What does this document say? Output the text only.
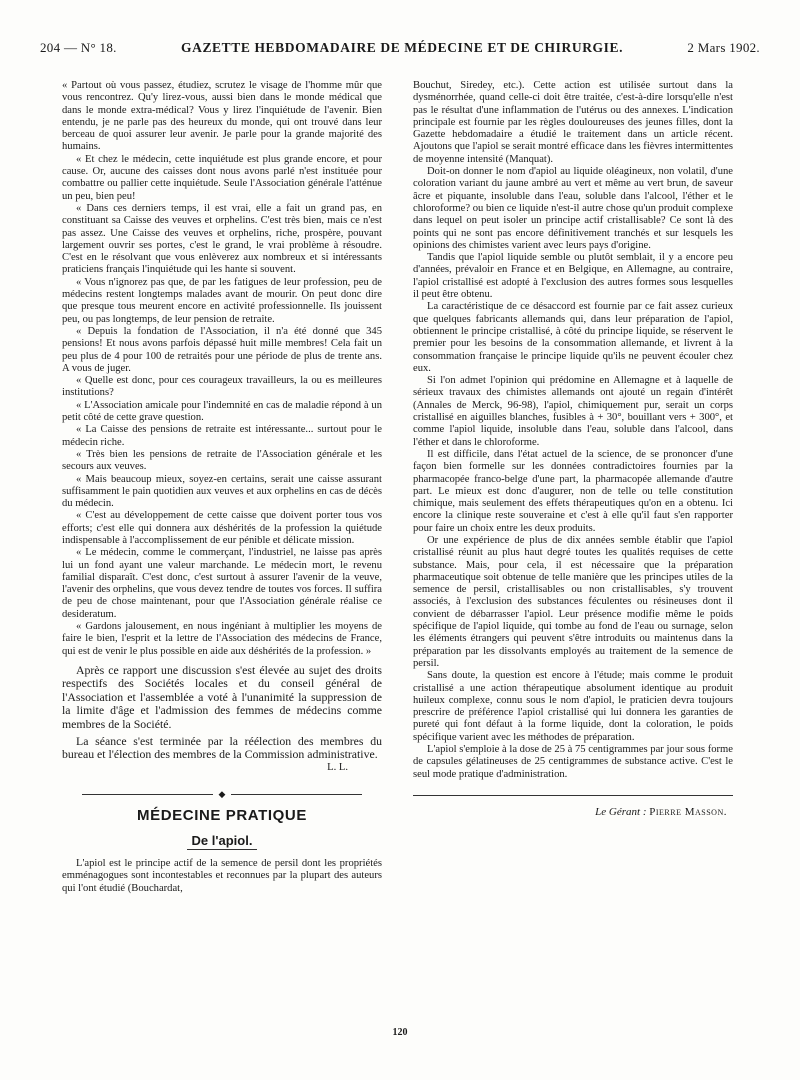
204 — N° 18.	GAZETTE HEBDOMADAIRE DE MÉDECINE ET DE CHIRURGIE.	2 Mars 1902.

« Partout où vous passez, étudiez, scrutez le visage de l'homme mûr que vous rencontrez. Qu'y lirez-vous, aussi bien dans le monde médical que dans le monde extra-médical? Vous y lirez l'inquiétude de l'avenir. Bien entendu, je ne parle pas des heureux du monde, qui ont trouvé dans leur berceau de quoi assurer leur avenir. Je parle pour la grande majorité des humains.

« Et chez le médecin, cette inquiétude est plus grande encore, et pour cause. Or, aucune des caisses dont nous avons parlé n'est instituée pour combattre ou pallier cette inquiétude. Seule l'Association générale l'atténue un peu, bien peu!

« Dans ces derniers temps, il est vrai, elle a fait un grand pas, en constituant sa Caisse des veuves et orphelins. C'est très bien, mais ce n'est pas assez. Une Caisse des veuves et orphelins, riche, prospère, pouvant largement ouvrir ses portes, c'est le grand, le vrai problème à résoudre. C'est en le résolvant que vous enlèverez aux nombreux et si intéressants praticiens français l'inquiétude qui les hante si souvent.

« Vous n'ignorez pas que, de par les fatigues de leur profession, peu de médecins restent longtemps malades avant de mourir. On peut donc dire que presque tous meurent encore en activité professionnelle. Ils jouissent peu, ou pas longtemps, de leur pension de retraite.

« Depuis la fondation de l'Association, il n'a été donné que 345 pensions! Et nous avons parfois dépassé huit mille membres! Cela fait un peu plus de 4 pour 100 de retraités pour une période de plus de trente ans. A vous de juger.

« Quelle est donc, pour ces courageux travailleurs, la ou es meilleures institutions?

« L'Association amicale pour l'indemnité en cas de maladie répond à un petit côté de cette grave question.

« La Caisse des pensions de retraite est intéressante... surtout pour le médecin riche.

« Très bien les pensions de retraite de l'Association générale et les secours aux veuves.

« Mais beaucoup mieux, soyez-en certains, serait une caisse assurant suffisamment le pain quotidien aux veuves et aux orphelins en cas de décès du médecin.

« C'est au développement de cette caisse que doivent porter tous vos efforts; c'est elle qui donnera aux déshérités de la profession la quiétude indispensable à l'accomplissement de eur pénible et délicate mission.

« Le médecin, comme le commerçant, l'industriel, ne laisse pas après lui un fond ayant une valeur marchande. Le médecin mort, le revenu familial disparaît. C'est donc, c'est surtout à assurer l'avenir de la veuve, l'avenir des orphelins, que vous devez tendre de toutes vos forces. Il suffira de peu de chose maintenant, pour que l'Association générale réalise ce desideratum.

« Gardons jalousement, en nous ingéniant à multiplier les moyens de faire le bien, l'esprit et la lettre de l'Association des médecins de France, qui est de venir le plus possible en aide aux déshérités de la profession. »

Après ce rapport une discussion s'est élevée au sujet des droits respectifs des Sociétés locales et du conseil général de l'Association et l'assemblée a voté à l'unanimité la suppression de la limite d'âge et l'admission des femmes de médecins comme membres de la Société.

La séance s'est terminée par la réélection des membres du bureau et l'élection des membres de la Commission administrative.

L. L.
◆
MÉDECINE PRATIQUE
De l'apiol.

L'apiol est le principe actif de la semence de persil dont les propriétés emménagogues sont incontestables et reconnues par la plupart des auteurs qui l'ont étudié (Bouchardat,

Bouchut, Siredey, etc.). Cette action est utilisée surtout dans la dysménorrhée, quand celle-ci doit être traitée, c'est-à-dire lorsqu'elle n'est pas le résultat d'une inflammation de l'utérus ou des annexes. L'indication principale est fournie par les règles douloureuses des jeunes filles, dont la Gazette hebdomadaire a étudié le traitement dans un article récent. Ajoutons que l'apiol se serait montré efficace dans les fièvres intermittentes de moyenne intensité (Manquat).

Doit-on donner le nom d'apiol au liquide oléagineux, non volatil, d'une coloration variant du jaune ambré au vert et même au vert brun, de saveur âcre et piquante, insoluble dans l'eau, soluble dans l'alcool, l'éther et le chloroforme? ou bien ce liquide n'est-il autre chose qu'un produit complexe dans lequel on peut isoler un principe actif cristallisable? Ce sont là des points qui ne sont pas encore définitivement tranchés et sur lesquels les opinions des chimistes varient avec leurs pays d'origine.

Tandis que l'apiol liquide semble ou plutôt semblait, il y a encore peu d'années, prévaloir en France et en Belgique, en Allemagne, au contraire, l'apiol cristallisé est adopté à l'exclusion des autres formes sous lesquelles il peut être obtenu.

La caractéristique de ce désaccord est fournie par ce fait assez curieux que quelques fabricants allemands qui, dans leur préparation de l'apiol, obtiennent le principe cristallisé, à côté du principe liquide, se réservent le premier pour les besoins de la consommation allemande, et livrent à la consommation française le principe liquide qu'ils ne peuvent écouler chez eux.

Si l'on admet l'opinion qui prédomine en Allemagne et à laquelle de sérieux travaux des chimistes allemands ont ajouté un regain d'intérêt (Annales de Merck, 96-98), l'apiol, chimiquement pur, serait un corps cristallisé en aiguilles blanches, fusibles à + 30°, bouillant vers + 300°, et comme l'apiol liquide, insoluble dans l'eau, soluble dans l'alcool, dans l'éther et dans le chloroforme.

Il est difficile, dans l'état actuel de la science, de se prononcer d'une façon bien formelle sur les données contradictoires fournies par la pharmacopée franco-belge d'une part, la pharmacopée allemande d'autre part. Le mieux est donc d'augurer, non de telle ou telle constitution chimique, mais seulement des effets thérapeutiques qu'on en a obtenu. Ici encore la clinique reste souveraine et c'est à elle qu'il faut s'en rapporter pour faire un choix entre les deux produits.

Or une expérience de plus de dix années semble établir que l'apiol cristallisé réunit au plus haut degré toutes les qualités requises de cette substance. Mais, pour cela, il est nécessaire que la préparation pharmaceutique soit obtenue de telle manière que les principes utiles de la semence de persil, cristallisables ou non cristallisables, s'y trouvent associés, à l'exclusion des substances féculentes ou résineuses dont il convient de débarrasser l'apiol. Leur présence modifie même le poids spécifique de l'apiol liquide, qui tombe au fond de l'eau ou surnage, selon les éléments étrangers qui peuvent s'être introduits ou maintenus dans la préparation par les dissolvants employés au traitement de la semence de persil.

Sans doute, la question est encore à l'étude; mais comme le produit cristallisé a une action thérapeutique absolument identique au produit huileux complexe, connu sous le nom d'apiol, le praticien devra toujours prescrire de préférence l'apiol cristallisé qui lui donnera les garanties de pureté qui font défaut à la forme liquide, dont la coloration, le poids spécifique varient avec les méthodes de préparation.

L'apiol s'emploie à la dose de 25 à 75 centigrammes par jour sous forme de capsules gélatineuses de 25 centigrammes de substance active. C'est le seul mode pratique d'administration.

Le Gérant : Pierre Masson.
120
